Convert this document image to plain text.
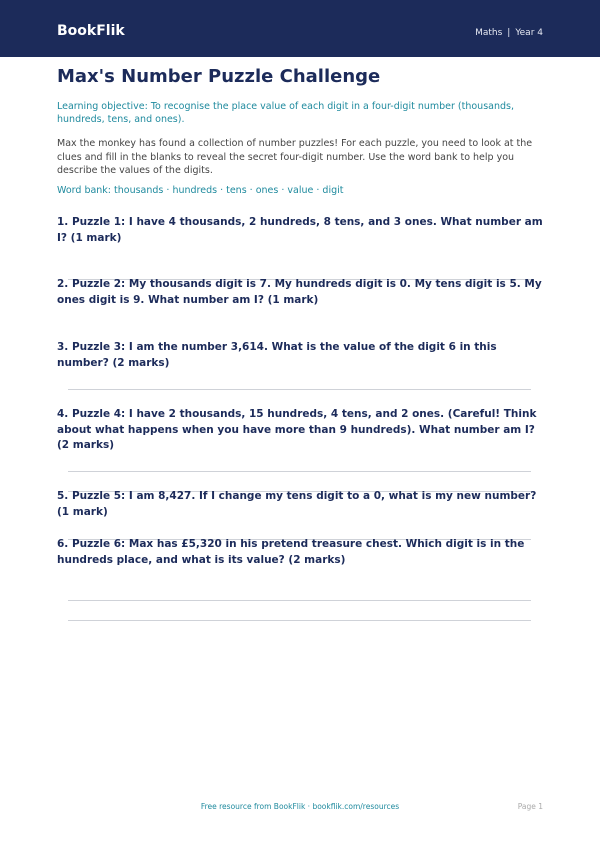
BookFlik	Maths | Year 4
Max's Number Puzzle Challenge

Learning objective: To recognise the place value of each digit in a four-digit number (thousands, hundreds, tens, and ones).

Max the monkey has found a collection of number puzzles! For each puzzle, you need to look at the clues and fill in the blanks to reveal the secret four-digit number. Use the word bank to help you describe the values of the digits.

Word bank: thousands · hundreds · tens · ones · value · digit

1. Puzzle 1: I have 4 thousands, 2 hundreds, 8 tens, and 3 ones. What number am I? (1 mark)
2. Puzzle 2: My thousands digit is 7. My hundreds digit is 0. My tens digit is 5. My ones digit is 9. What number am I? (1 mark)
3. Puzzle 3: I am the number 3,614. What is the value of the digit 6 in this number? (2 marks)
4. Puzzle 4: I have 2 thousands, 15 hundreds, 4 tens, and 2 ones. (Careful! Think about what happens when you have more than 9 hundreds). What number am I? (2 marks)
5. Puzzle 5: I am 8,427. If I change my tens digit to a 0, what is my new number? (1 mark)
6. Puzzle 6: Max has £5,320 in his pretend treasure chest. Which digit is in the hundreds place, and what is its value? (2 marks)
Free resource from BookFlik · bookflik.com/resources	Page 1
